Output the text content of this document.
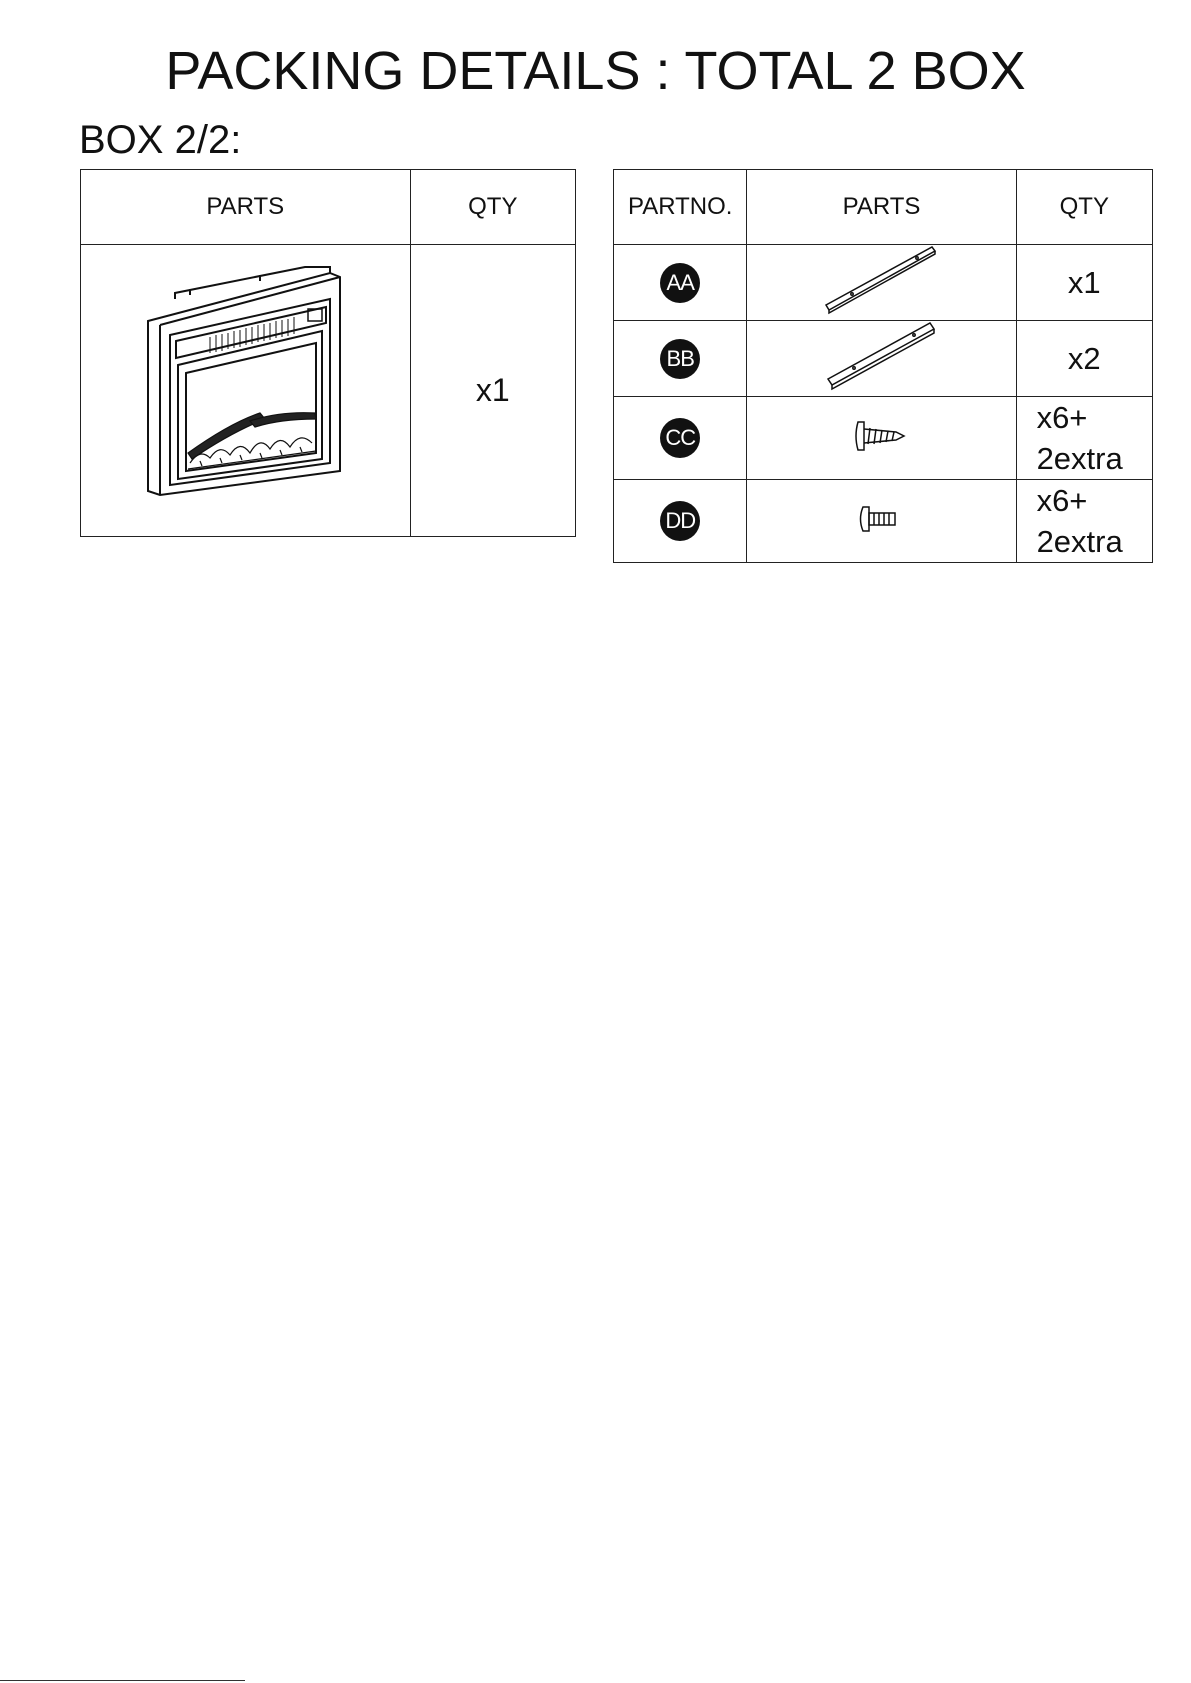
PACKING DETAILS : TOTAL 2 BOX
BOX 2/2:
PARTS	QTY
	x1
PARTNO.	PARTS	QTY
AA		x1
BB		x2
CC		x6+
2extra

DD		x6+
2extra
